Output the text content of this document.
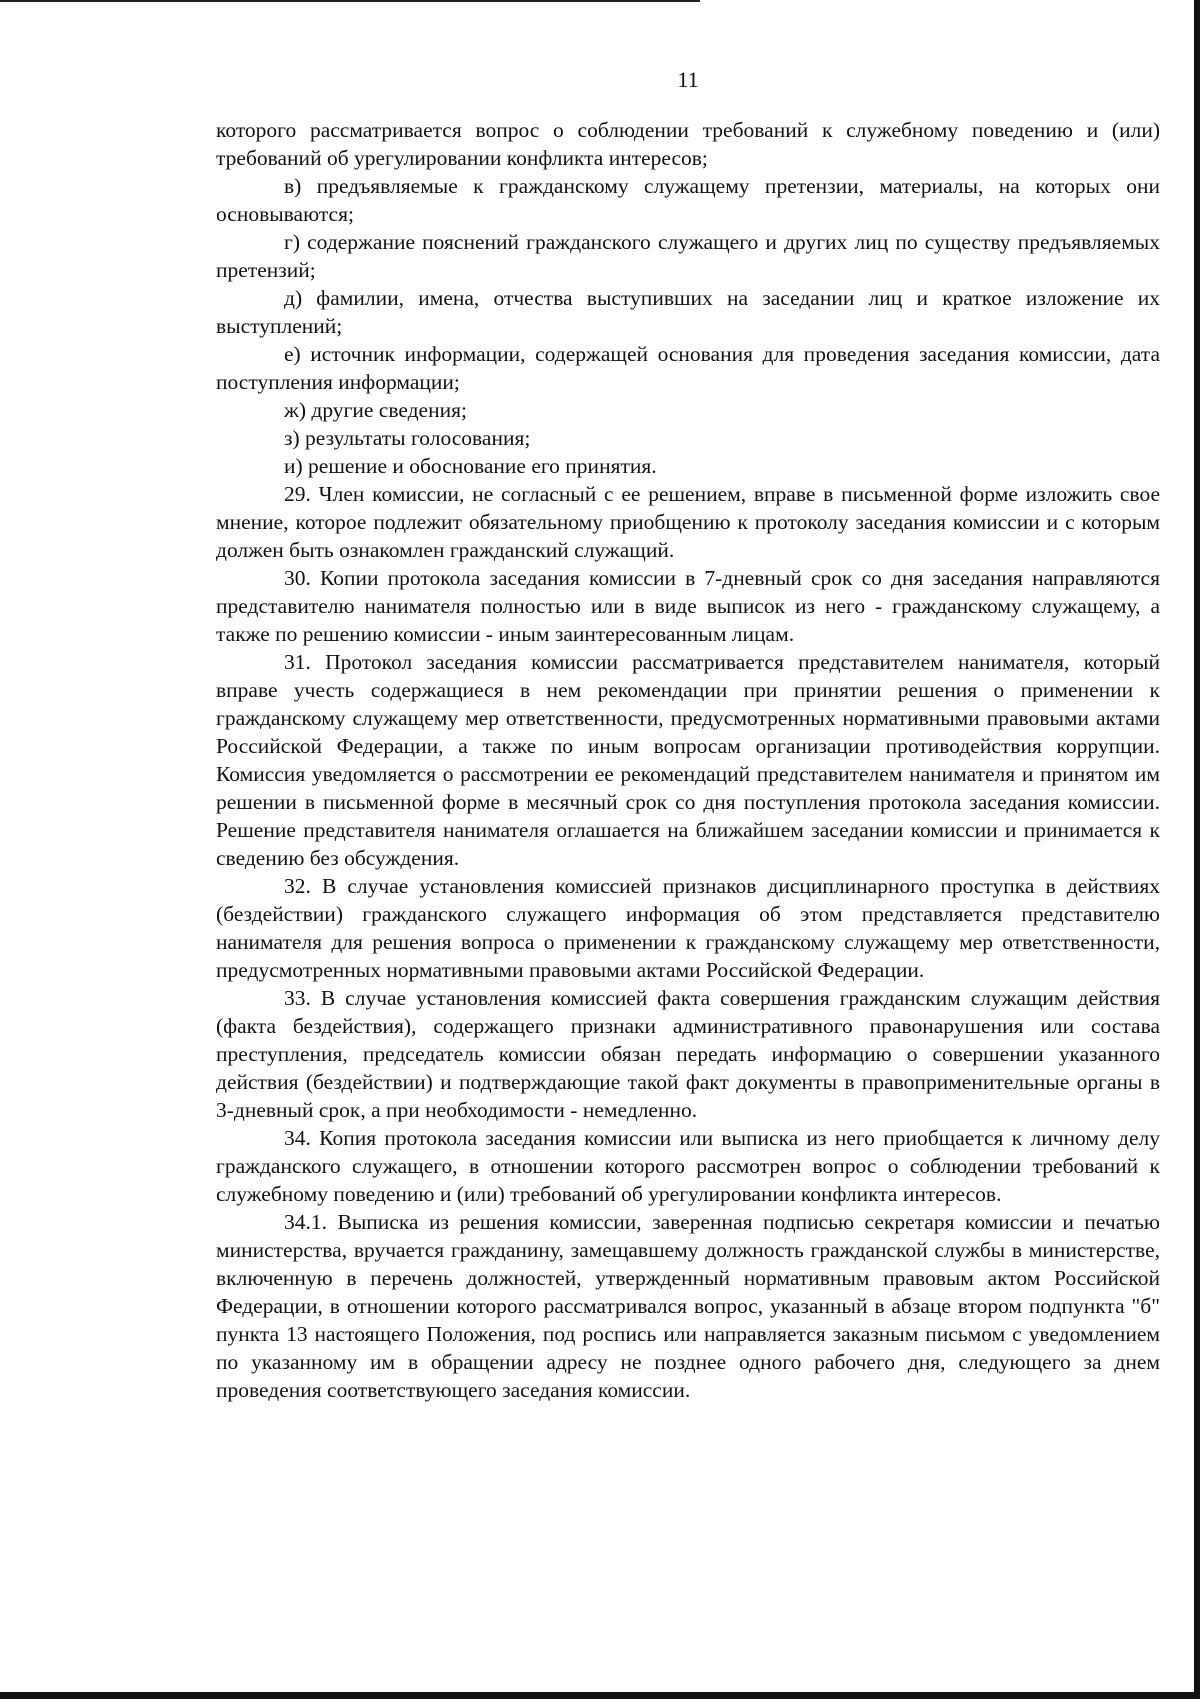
11

которого рассматривается вопрос о соблюдении требований к служебному поведению и (или) требований об урегулировании конфликта интересов;

в) предъявляемые к гражданскому служащему претензии, материалы, на которых они основываются;

г) содержание пояснений гражданского служащего и других лиц по существу предъявляемых претензий;

д) фамилии, имена, отчества выступивших на заседании лиц и краткое изложение их выступлений;

е) источник информации, содержащей основания для проведения заседания комиссии, дата поступления информации;

ж) другие сведения;

з) результаты голосования;

и) решение и обоснование его принятия.

29. Член комиссии, не согласный с ее решением, вправе в письменной форме изложить свое мнение, которое подлежит обязательному приобщению к протоколу заседания комиссии и с которым должен быть ознакомлен гражданский служащий.

30. Копии протокола заседания комиссии в 7-дневный срок со дня заседания направляются представителю нанимателя полностью или в виде выписок из него - гражданскому служащему, а также по решению комиссии - иным заинтересованным лицам.

31. Протокол заседания комиссии рассматривается представителем нанимателя, который вправе учесть содержащиеся в нем рекомендации при принятии решения о применении к гражданскому служащему мер ответственности, предусмотренных нормативными правовыми актами Российской Федерации, а также по иным вопросам организации противодействия коррупции. Комиссия уведомляется о рассмотрении ее рекомендаций представителем нанимателя и принятом им решении в письменной форме в месячный срок со дня поступления протокола заседания комиссии. Решение представителя нанимателя оглашается на ближайшем заседании комиссии и принимается к сведению без обсуждения.

32. В случае установления комиссией признаков дисциплинарного проступка в действиях (бездействии) гражданского служащего информация об этом представляется представителю нанимателя для решения вопроса о применении к гражданскому служащему мер ответственности, предусмотренных нормативными правовыми актами Российской Федерации.

33. В случае установления комиссией факта совершения гражданским служащим действия (факта бездействия), содержащего признаки административного правонарушения или состава преступления, председатель комиссии обязан передать информацию о совершении указанного действия (бездействии) и подтверждающие такой факт документы в правоприменительные органы в 3-дневный срок, а при необходимости - немедленно.

34. Копия протокола заседания комиссии или выписка из него приобщается к личному делу гражданского служащего, в отношении которого рассмотрен вопрос о соблюдении требований к служебному поведению и (или) требований об урегулировании конфликта интересов.

34.1. Выписка из решения комиссии, заверенная подписью секретаря комиссии и печатью министерства, вручается гражданину, замещавшему должность гражданской службы в министерстве, включенную в перечень должностей, утвержденный нормативным правовым актом Российской Федерации, в отношении которого рассматривался вопрос, указанный в абзаце втором подпункта "б" пункта 13 настоящего Положения, под роспись или направляется заказным письмом с уведомлением по указанному им в обращении адресу не позднее одного рабочего дня, следующего за днем проведения соответствующего заседания комиссии.
